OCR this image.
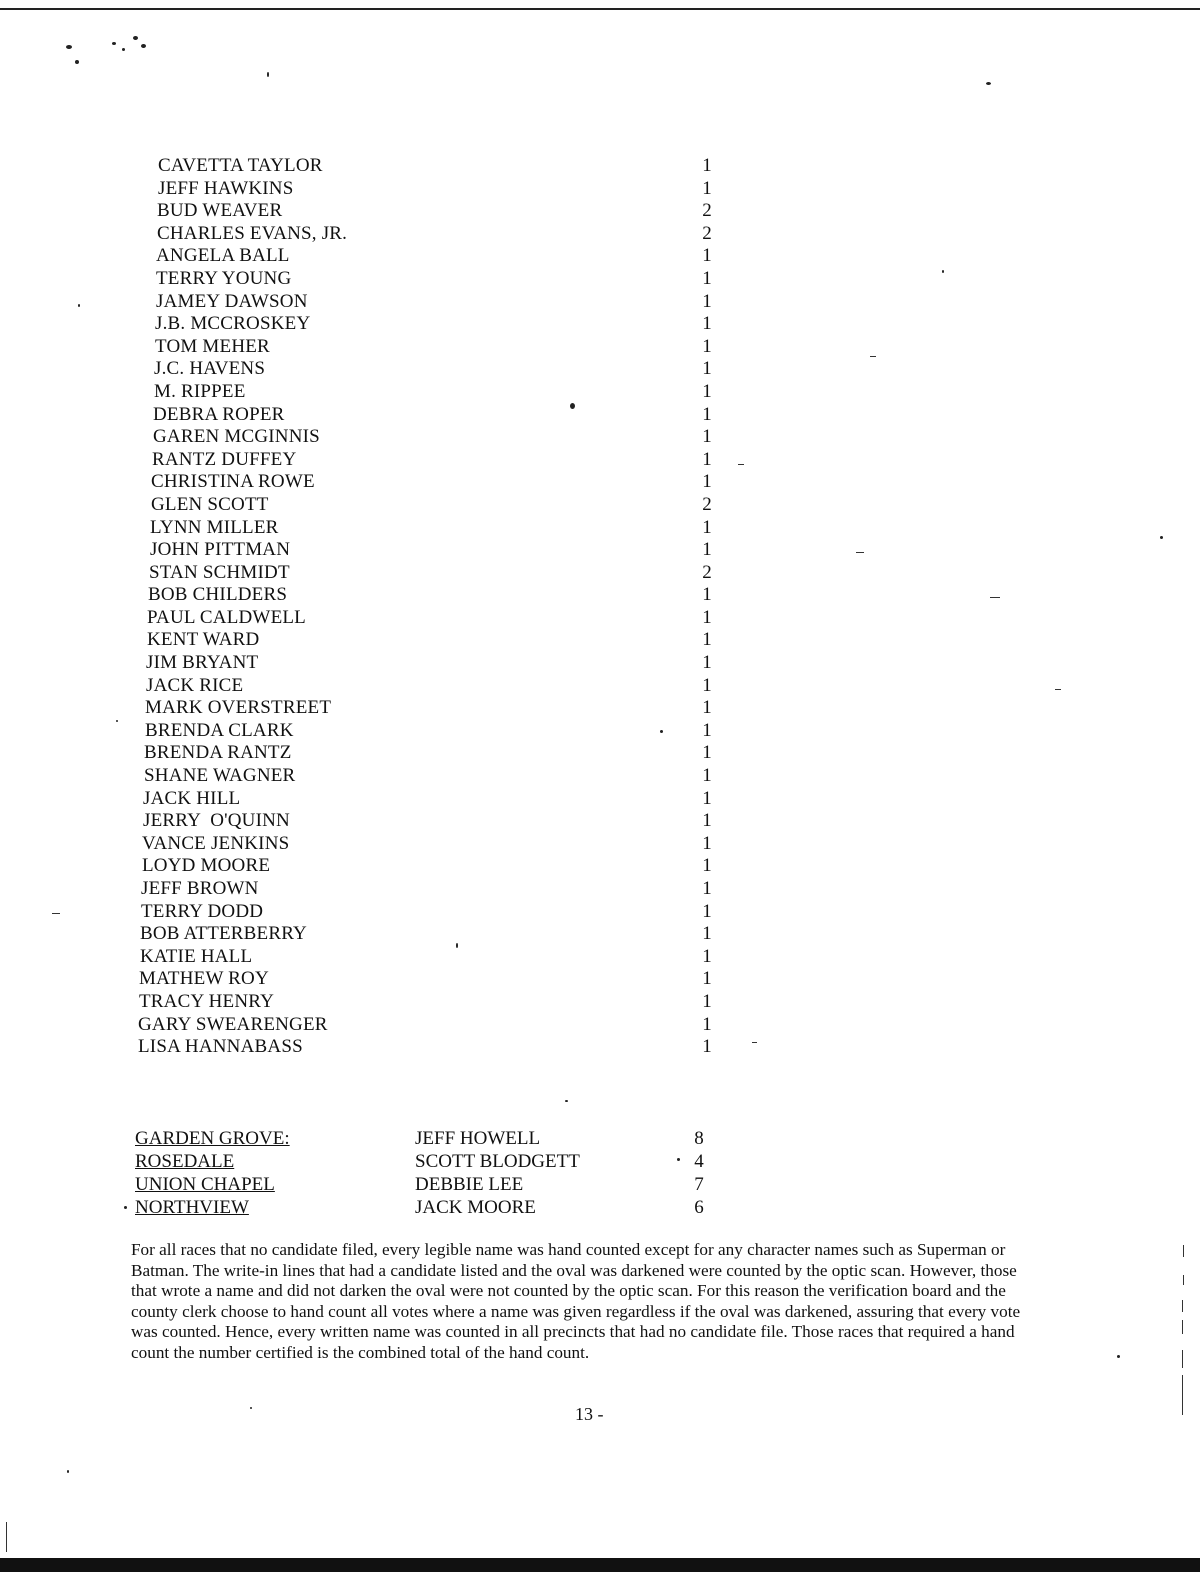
CAVETTA TAYLOR	1
JEFF HAWKINS	1
BUD WEAVER	2
CHARLES EVANS, JR.	2
ANGELA BALL	1
TERRY YOUNG	1
JAMEY DAWSON	1
J.B. MCCROSKEY	1
TOM MEHER	1
J.C. HAVENS	1
M. RIPPEE	1
DEBRA ROPER	1
GAREN MCGINNIS	1
RANTZ DUFFEY	1
CHRISTINA ROWE	1
GLEN SCOTT	2
LYNN MILLER	1
JOHN PITTMAN	1
STAN SCHMIDT	2
BOB CHILDERS	1
PAUL CALDWELL	1
KENT WARD	1
JIM BRYANT	1
JACK RICE	1
MARK OVERSTREET	1
BRENDA CLARK	1
BRENDA RANTZ	1
SHANE WAGNER	1
JACK HILL	1
JERRY  O'QUINN	1
VANCE JENKINS	1
LOYD MOORE	1
JEFF BROWN	1
TERRY DODD	1
BOB ATTERBERRY	1
KATIE HALL	1
MATHEW ROY	1
TRACY HENRY	1
GARY SWEARENGER	1
LISA HANNABASS	1
GARDEN GROVE:	JEFF HOWELL	8
ROSEDALE	SCOTT BLODGETT	4
UNION CHAPEL	DEBBIE LEE	7
NORTHVIEW	JACK MOORE	6

For all races that no candidate filed, every legible name was hand counted except for any character names such as Superman or Batman. The write-in lines that had a candidate listed and the oval was darkened were counted by the optic scan. However, those that wrote a name and did not darken the oval were not counted by the optic scan. For this reason the verification board and the county clerk choose to hand count all votes where a name was given regardless if the oval was darkened, assuring that every vote was counted. Hence, every written name was counted in all precincts that had no candidate file. Those races that required a hand count the number certified is the combined total of the hand count.

13 -
